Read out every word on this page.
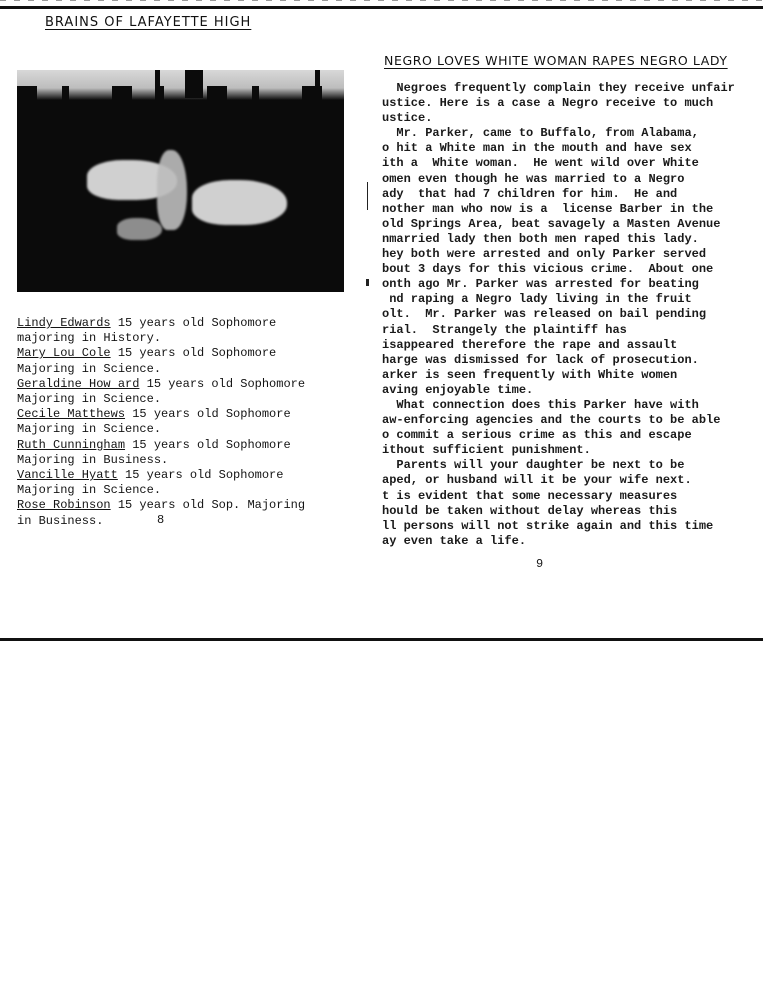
BRAINS OF LAFAYETTE HIGH
Lindy Edwards 15 years old Sophomore
majoring in History.
Mary Lou Cole 15 years old Sophomore
Majoring in Science.
Geraldine How ard 15 years old Sophomore
Majoring in Science.
Cecile Matthews 15 years old Sophomore
Majoring in Science.
Ruth Cunningham 15 years old Sophomore
Majoring in Business.
Vancille Hyatt 15 years old Sophomore
Majoring in Science.
Rose Robinson 15 years old Sop. Majoring
in Business.	8
NEGRO LOVES WHITE WOMAN RAPES NEGRO LADY
Negroes frequently complain they receive unfair
ustice. Here is a case a Negro receive to much
ustice.
Mr. Parker, came to Buffalo, from Alabama,
o hit a White man in the mouth and have sex
ith a  White woman.  He went wild over White
omen even though he was married to a Negro
ady  that had 7 children for him.  He and
nother man who now is a  license Barber in the
old Springs Area, beat savagely a Masten Avenue
nmarried lady then both men raped this lady.
hey both were arrested and only Parker served
bout 3 days for this vicious crime.  About one
onth ago Mr. Parker was arrested for beating
nd raping a Negro lady living in the fruit
olt.  Mr. Parker was released on bail pending
rial.  Strangely the plaintiff has
isappeared therefore the rape and assault
harge was dismissed for lack of prosecution.
arker is seen frequently with White women
aving enjoyable time.
What connection does this Parker have with
aw-enforcing agencies and the courts to be able
o commit a serious crime as this and escape
ithout sufficient punishment.
Parents will your daughter be next to be
aped, or husband will it be your wife next.
t is evident that some necessary measures
hould be taken without delay whereas this
ll persons will not strike again and this time
ay even take a life.
9
